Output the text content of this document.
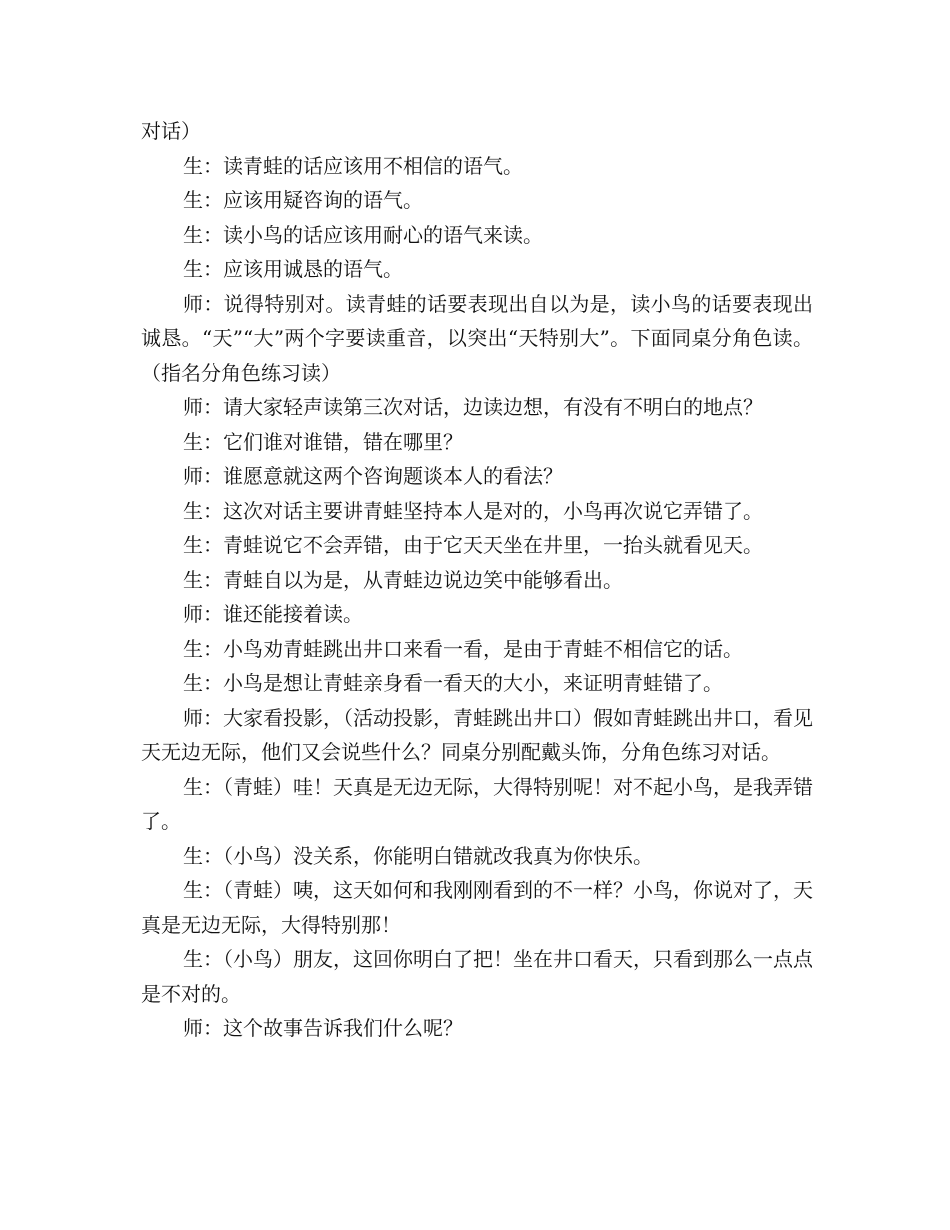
对话）

生：读青蛙的话应该用不相信的语气。

生：应该用疑咨询的语气。

生：读小鸟的话应该用耐心的语气来读。

生：应该用诚恳的语气。

师：说得特别对。读青蛙的话要表现出自以为是，读小鸟的话要表现出诚恳。“天”“大”两个字要读重音，以突出“天特别大”。下面同桌分角色读。（指名分角色练习读）

师：请大家轻声读第三次对话，边读边想，有没有不明白的地点？

生：它们谁对谁错，错在哪里？

师：谁愿意就这两个咨询题谈本人的看法？

生：这次对话主要讲青蛙坚持本人是对的，小鸟再次说它弄错了。

生：青蛙说它不会弄错，由于它天天坐在井里，一抬头就看见天。

生：青蛙自以为是，从青蛙边说边笑中能够看出。

师：谁还能接着读。

生：小鸟劝青蛙跳出井口来看一看，是由于青蛙不相信它的话。

生：小鸟是想让青蛙亲身看一看天的大小，来证明青蛙错了。

师：大家看投影，（活动投影，青蛙跳出井口）假如青蛙跳出井口，看见天无边无际，他们又会说些什么？同桌分别配戴头饰，分角色练习对话。

生：（青蛙）哇！天真是无边无际，大得特别呢！对不起小鸟，是我弄错了。

生：（小鸟）没关系，你能明白错就改我真为你快乐。

生：（青蛙）咦，这天如何和我刚刚看到的不一样？小鸟，你说对了，天真是无边无际，大得特别那！

生：（小鸟）朋友，这回你明白了把！坐在井口看天，只看到那么一点点是不对的。

师：这个故事告诉我们什么呢？
